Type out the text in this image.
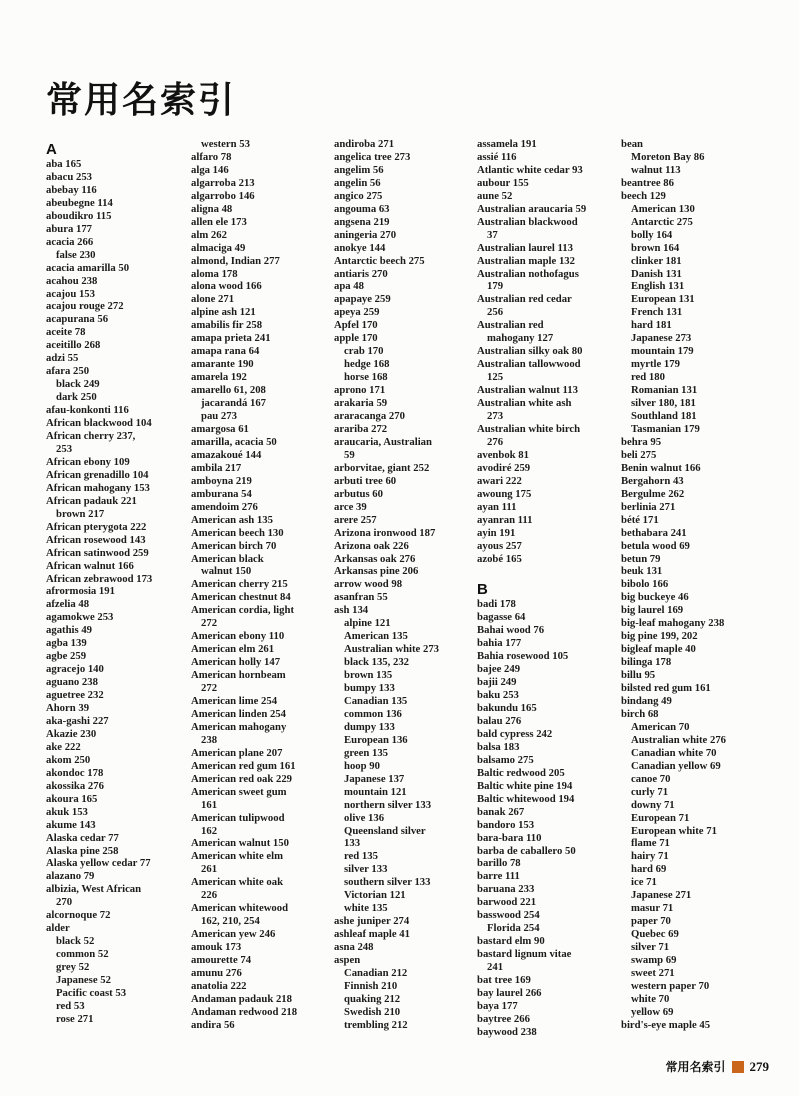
常用名索引
A
aba 165
abacu 253
abebay 116
abeubegne 114
aboudikro 115
abura 177
acacia 266
false 230
acacia amarilla 50
acahou 238
acajou 153
acajou rouge 272
acapurana 56
aceite 78
aceitillo 268
adzi 55
afara 250
black 249
dark 250
afau-konkonti 116
African blackwood 104
African cherry 237,
253
African ebony 109
African grenadillo 104
African mahogany 153
African padauk 221
brown 217
African pterygota 222
African rosewood 143
African satinwood 259
African walnut 166
African zebrawood 173
afrormosia 191
afzelia 48
agamokwe 253
agathis 49
agba 139
agbe 259
agracejo 140
aguano 238
aguetree 232
Ahorn 39
aka-gashi 227
Akazie 230
ake 222
akom 250
akondoc 178
akossika 276
akoura 165
akuk 153
akume 143
Alaska cedar 77
Alaska pine 258
Alaska yellow cedar 77
alazano 79
albizia, West African
270
alcornoque 72
alder
black 52
common 52
grey 52
Japanese 52
Pacific coast 53
red 53
rose 271
western 53
alfaro 78
alga 146
algarroba 213
algarrobo 146
aligna 48
allen ele 173
alm 262
almaciga 49
almond, Indian 277
aloma 178
alona wood 166
alone 271
alpine ash 121
amabilis fir 258
amapa prieta 241
amapa rana 64
amarante 190
amarela 192
amarello 61, 208
jacarandá 167
pau 273
amargosa 61
amarilla, acacia 50
amazakoué 144
ambila 217
amboyna 219
amburana 54
amendoim 276
American ash 135
American beech 130
American birch 70
American black
walnut 150
American cherry 215
American chestnut 84
American cordia, light
272
American ebony 110
American elm 261
American holly 147
American hornbeam
272
American lime 254
American linden 254
American mahogany
238
American plane 207
American red gum 161
American red oak 229
American sweet gum
161
American tulipwood
162
American walnut 150
American white elm
261
American white oak
226
American whitewood
162, 210, 254
American yew 246
amouk 173
amourette 74
amunu 276
anatolia 222
Andaman padauk 218
Andaman redwood 218
andira 56
andiroba 271
angelica tree 273
angelim 56
angelin 56
angico 275
angouma 63
angsena 219
aningeria 270
anokye 144
Antarctic beech 275
antiaris 270
apa 48
apapaye 259
apeya 259
Apfel 170
apple 170
crab 170
hedge 168
horse 168
aprono 171
arakaria 59
araracanga 270
arariba 272
araucaria, Australian
59
arborvitae, giant 252
arbuti tree 60
arbutus 60
arce 39
arere 257
Arizona ironwood 187
Arizona oak 226
Arkansas oak 276
Arkansas pine 206
arrow wood 98
asanfran 55
ash 134
alpine 121
American 135
Australian white 273
black 135, 232
brown 135
bumpy 133
Canadian 135
common 136
dumpy 133
European 136
green 135
hoop 90
Japanese 137
mountain 121
northern silver 133
olive 136
Queensland silver
133
red 135
silver 133
southern silver 133
Victorian 121
white 135
ashe juniper 274
ashleaf maple 41
asna 248
aspen
Canadian 212
Finnish 210
quaking 212
Swedish 210
trembling 212
assamela 191
assié 116
Atlantic white cedar 93
aubour 155
aune 52
Australian araucaria 59
Australian blackwood
37
Australian laurel 113
Australian maple 132
Australian nothofagus
179
Australian red cedar
256
Australian red
mahogany 127
Australian silky oak 80
Australian tallowwood
125
Australian walnut 113
Australian white ash
273
Australian white birch
276
avenbok 81
avodiré 259
awari 222
awoung 175
ayan 111
ayanran 111
ayin 191
ayous 257
azobé 165
B
badi 178
bagasse 64
Bahai wood 76
bahia 177
Bahia rosewood 105
bajee 249
bajii 249
baku 253
bakundu 165
balau 276
bald cypress 242
balsa 183
balsamo 275
Baltic redwood 205
Baltic white pine 194
Baltic whitewood 194
banak 267
bandoro 153
bara-bara 110
barba de caballero 50
barillo 78
barre 111
baruana 233
barwood 221
basswood 254
Florida 254
bastard elm 90
bastard lignum vitae
241
bat tree 169
bay laurel 266
baya 177
baytree 266
baywood 238
bean
Moreton Bay 86
walnut 113
beantree 86
beech 129
American 130
Antarctic 275
bolly 164
brown 164
clinker 181
Danish 131
English 131
European 131
French 131
hard 181
Japanese 273
mountain 179
myrtle 179
red 180
Romanian 131
silver 180, 181
Southland 181
Tasmanian 179
behra 95
beli 275
Benin walnut 166
Bergahorn 43
Bergulme 262
berlinia 271
bété 171
bethabara 241
betula wood 69
betun 79
beuk 131
bibolo 166
big buckeye 46
big laurel 169
big-leaf mahogany 238
big pine 199, 202
bigleaf maple 40
bilinga 178
billu 95
bilsted red gum 161
bindang 49
birch 68
American 70
Australian white 276
Canadian white 70
Canadian yellow 69
canoe 70
curly 71
downy 71
European 71
European white 71
flame 71
hairy 71
hard 69
ice 71
Japanese 271
masur 71
paper 70
Quebec 69
silver 71
swamp 69
sweet 271
western paper 70
white 70
yellow 69
bird's-eye maple 45
常用名索引 279
